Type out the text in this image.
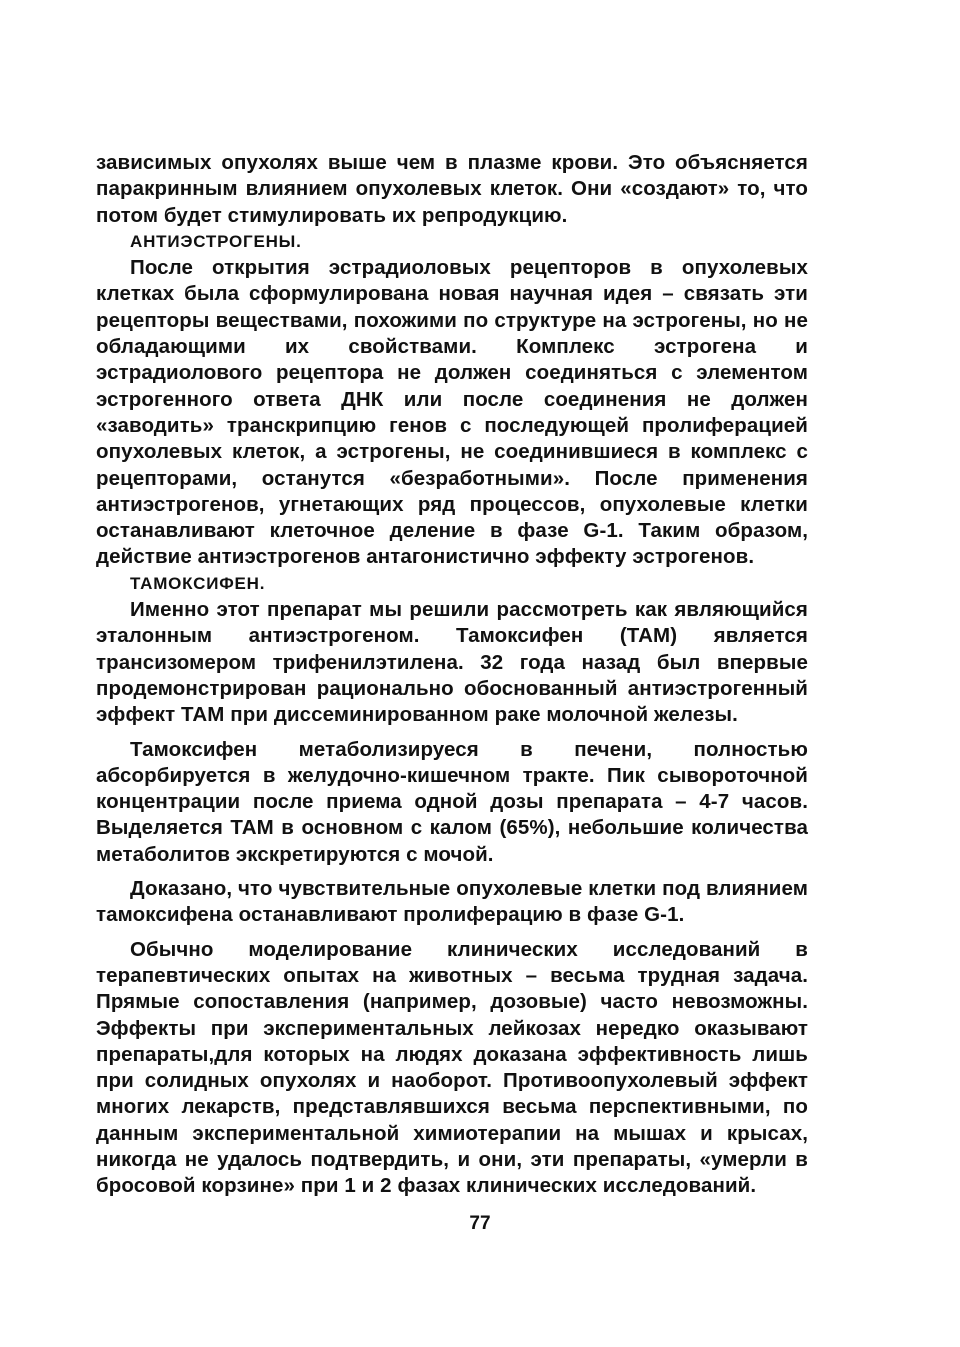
зависимых опухолях выше чем в плазме крови. Это объясняется паракринным влиянием опухолевых клеток. Они «создают» то, что потом будет стимулировать их репродукцию.

АНТИЭСТРОГЕНЫ.

После открытия эстрадиоловых рецепторов в опухолевых клетках была сформулирована новая научная идея – связать эти рецепторы веществами, похожими по структуре на эстрогены, но не обладающими их свойствами. Комплекс эстрогена и эстрадиолового рецептора не должен соединяться с элементом эстрогенного ответа ДНК или после соединения не должен «заводить» транскрипцию генов с последующей пролиферацией опухолевых клеток, а эстрогены, не соединившиеся в комплекс с рецепторами, останутся «безработными». После применения антиэстрогенов, угнетающих ряд процессов, опухолевые клетки останавливают клеточное деление в фазе G-1. Таким образом, действие антиэстрогенов антагонистично эффекту эстрогенов.

ТАМОКСИФЕН.

Именно этот препарат мы решили рассмотреть как являющийся эталонным антиэстрогеном. Тамоксифен (ТАМ) является трансизомером трифенилэтилена. 32 года назад был впервые продемонстрирован рационально обоснованный антиэстрогенный эффект ТАМ при диссеминированном раке молочной железы.

Тамоксифен метаболизируеся в печени, полностью абсорбируется в желудочно-кишечном тракте. Пик сывороточной концентрации после приема одной дозы препарата – 4-7 часов. Выделяется ТАМ в основном с калом (65%), небольшие количества метаболитов экскретируются с мочой.

Доказано, что чувствительные опухолевые клетки под влиянием тамоксифена останавливают пролиферацию в фазе G-1.

Обычно моделирование клинических исследований в терапевтических опытах на животных – весьма трудная задача. Прямые сопоставления (например, дозовые) часто невозможны. Эффекты при экспериментальных лейкозах нередко оказывают препараты,для которых на людях доказана эффективность лишь при солидных опухолях и наоборот. Противоопухолевый эффект многих лекарств, представлявшихся весьма перспективными, по данным экспериментальной химиотерапии на мышах и крысах, никогда не удалось подтвердить, и они, эти препараты, «умерли в бросовой корзине» при 1 и 2 фазах клинических исследований.

77
